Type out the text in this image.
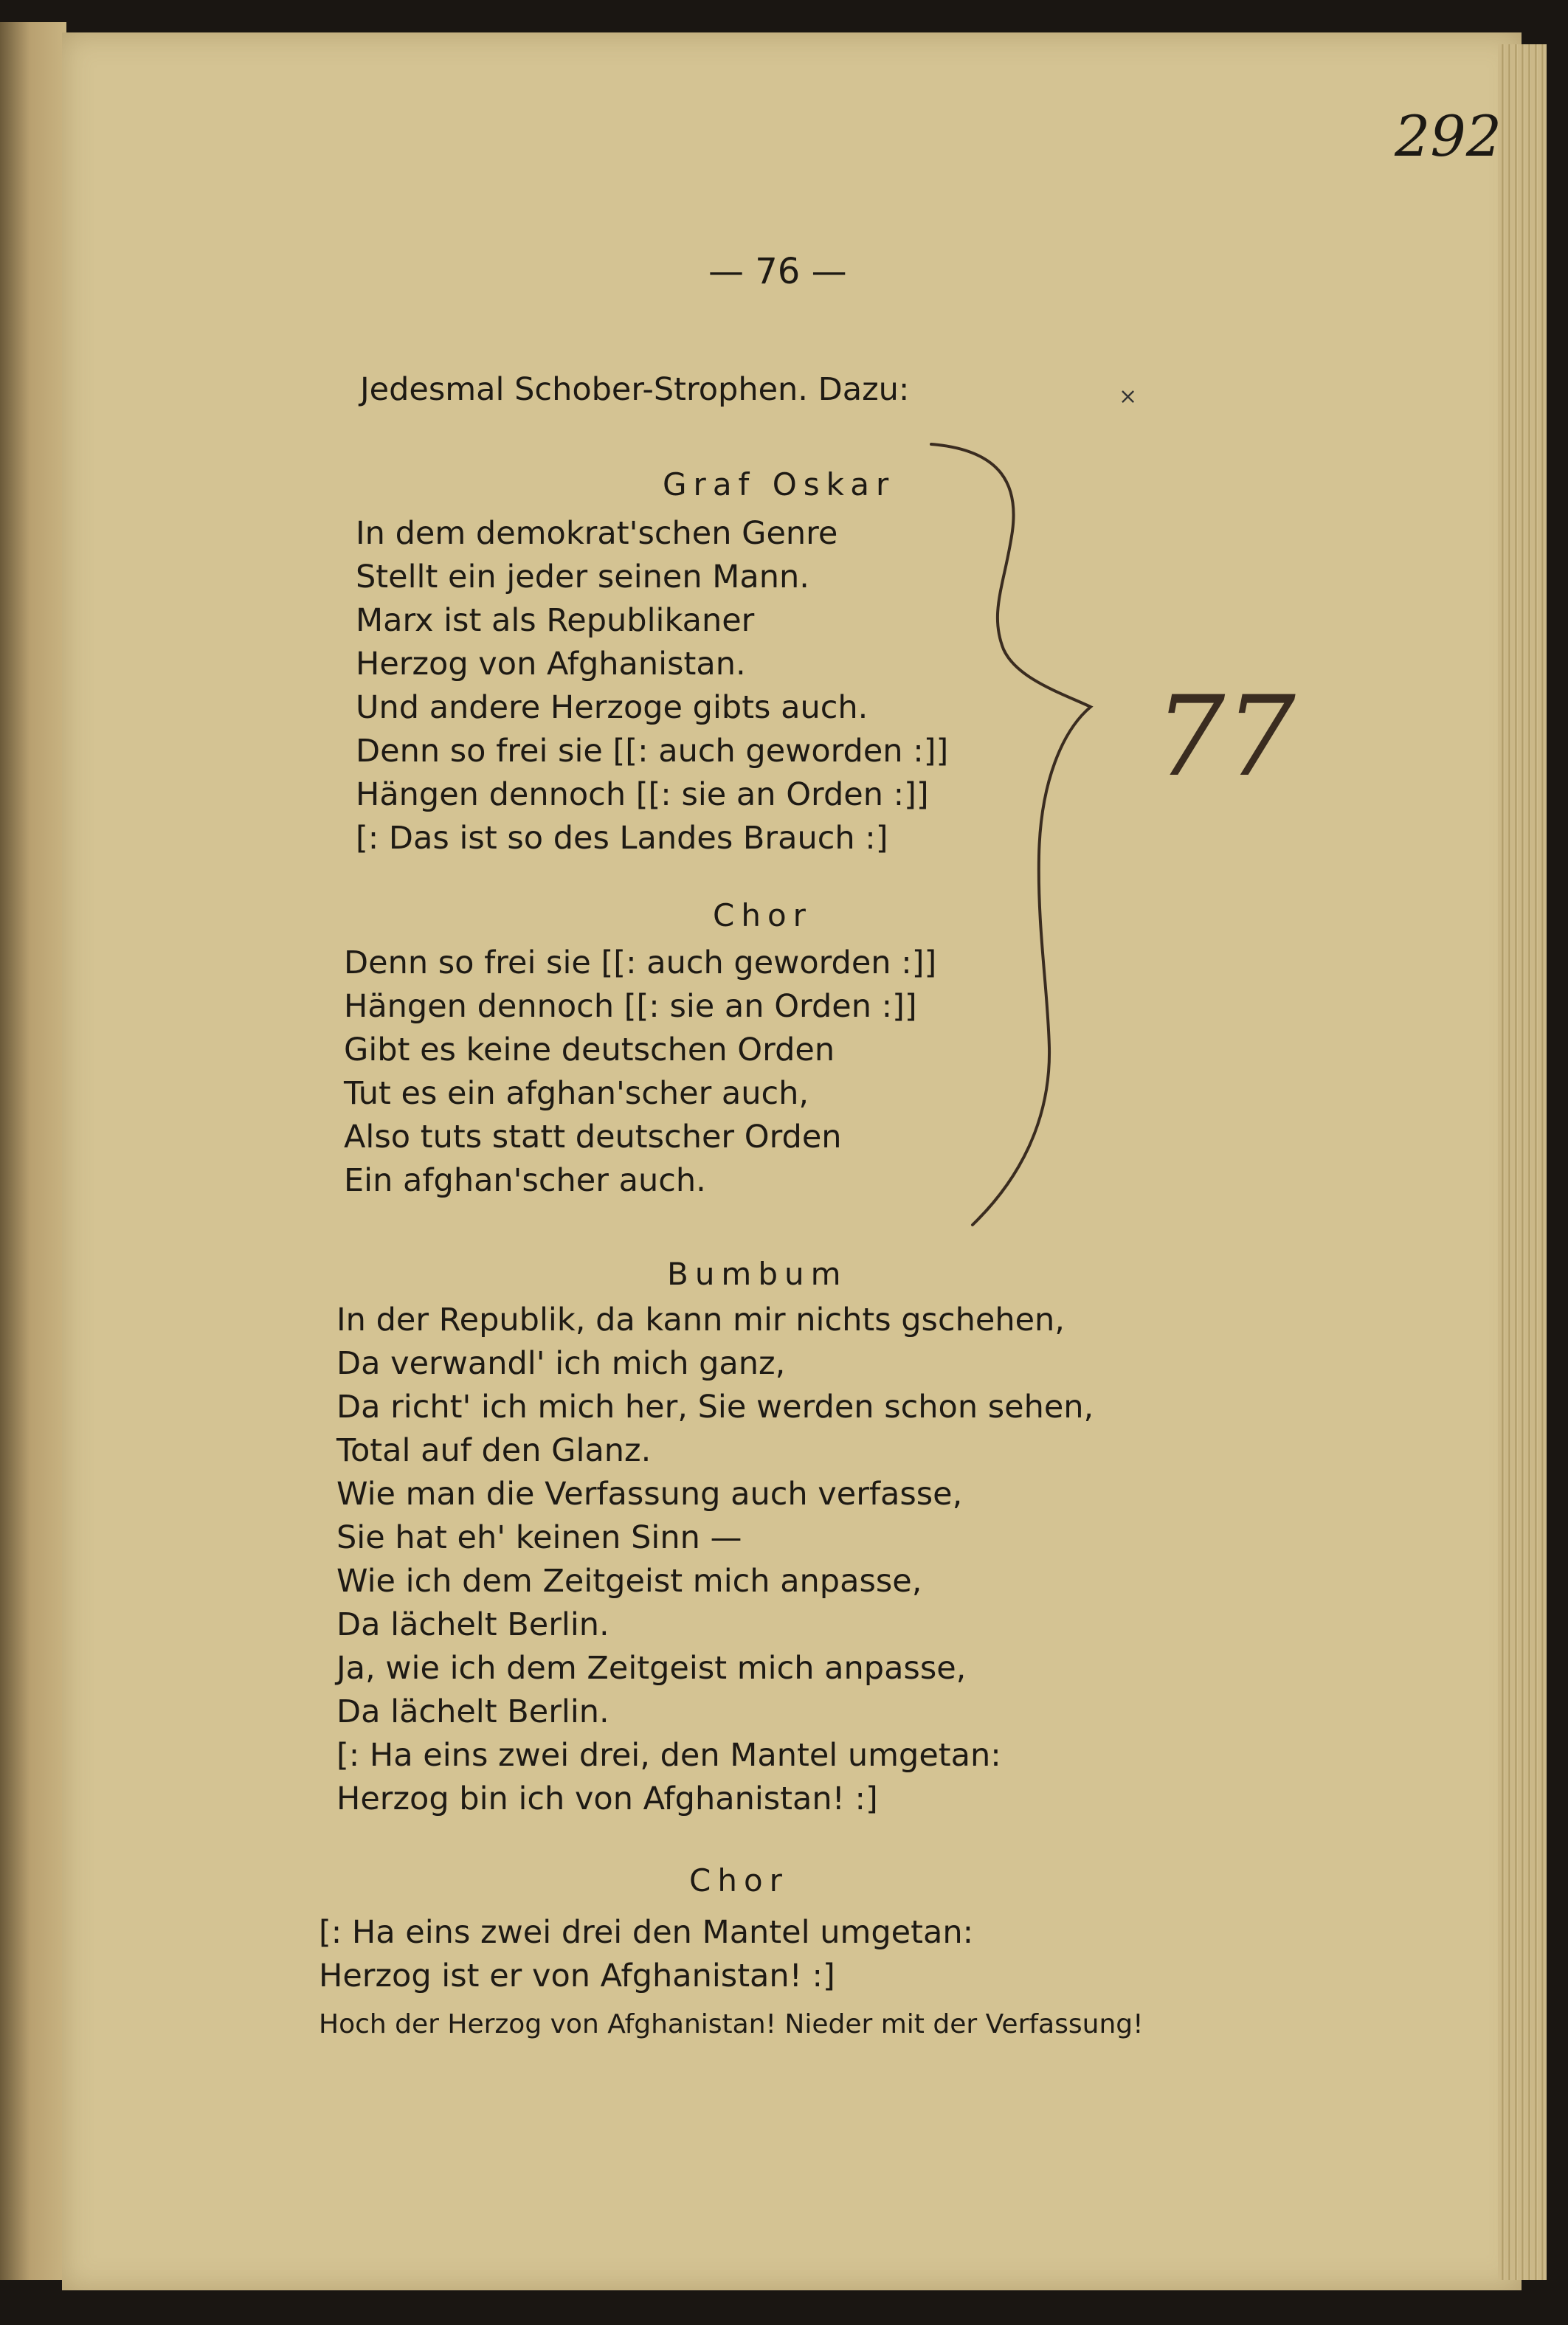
292
— 76 —
Jedesmal Schober-Strophen. Dazu:	×
Graf Oskar
In dem demokrat'schen Genre
Stellt ein jeder seinen Mann.
Marx ist als Republikaner
Herzog von Afghanistan.
Und andere Herzoge gibts auch.
Denn so frei sie [[: auch geworden :]]
Hängen dennoch [[: sie an Orden :]]
[: Das ist so des Landes Brauch :]
Chor
Denn so frei sie [[: auch geworden :]]
Hängen dennoch [[: sie an Orden :]]
Gibt es keine deutschen Orden
Tut es ein afghan'scher auch,
Also tuts statt deutscher Orden
Ein afghan'scher auch.
77
Bumbum
In der Republik, da kann mir nichts gschehen,
Da verwandl' ich mich ganz,
Da richt' ich mich her, Sie werden schon sehen,
Total auf den Glanz.
Wie man die Verfassung auch verfasse,
Sie hat eh' keinen Sinn —
Wie ich dem Zeitgeist mich anpasse,
Da lächelt Berlin.
Ja, wie ich dem Zeitgeist mich anpasse,
Da lächelt Berlin.
[: Ha eins zwei drei, den Mantel umgetan:
Herzog bin ich von Afghanistan! :]
Chor
[: Ha eins zwei drei den Mantel umgetan:
Herzog ist er von Afghanistan! :]
Hoch der Herzog von Afghanistan! Nieder mit der Verfassung!
